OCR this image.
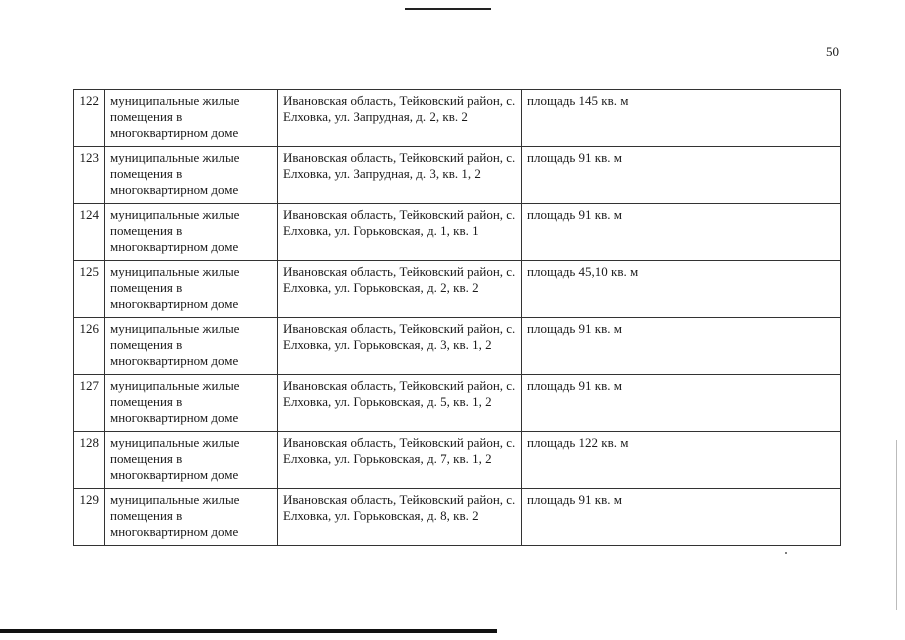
50
122	муниципальные жилые помещения в многоквартирном доме	Ивановская область, Тейковский район, с. Елховка, ул. Запрудная, д. 2, кв. 2	площадь 145 кв. м
123	муниципальные жилые помещения в многоквартирном доме	Ивановская область, Тейковский район, с. Елховка, ул. Запрудная, д. 3, кв. 1, 2	площадь 91 кв. м
124	муниципальные жилые помещения в многоквартирном доме	Ивановская область, Тейковский район, с. Елховка, ул. Горьковская, д. 1, кв. 1	площадь 91 кв. м
125	муниципальные жилые помещения в многоквартирном доме	Ивановская область, Тейковский район, с. Елховка, ул. Горьковская, д. 2, кв. 2	площадь 45,10 кв. м
126	муниципальные жилые помещения в многоквартирном доме	Ивановская область, Тейковский район, с. Елховка, ул. Горьковская, д. 3, кв. 1, 2	площадь 91 кв. м
127	муниципальные жилые помещения в многоквартирном доме	Ивановская область, Тейковский район, с. Елховка, ул. Горьковская, д. 5, кв. 1, 2	площадь 91 кв. м
128	муниципальные жилые помещения в многоквартирном доме	Ивановская область, Тейковский район, с. Елховка, ул. Горьковская, д. 7, кв. 1, 2	площадь 122 кв. м
129	муниципальные жилые помещения в многоквартирном доме	Ивановская область, Тейковский район, с. Елховка, ул. Горьковская, д. 8, кв. 2	площадь 91 кв. м
